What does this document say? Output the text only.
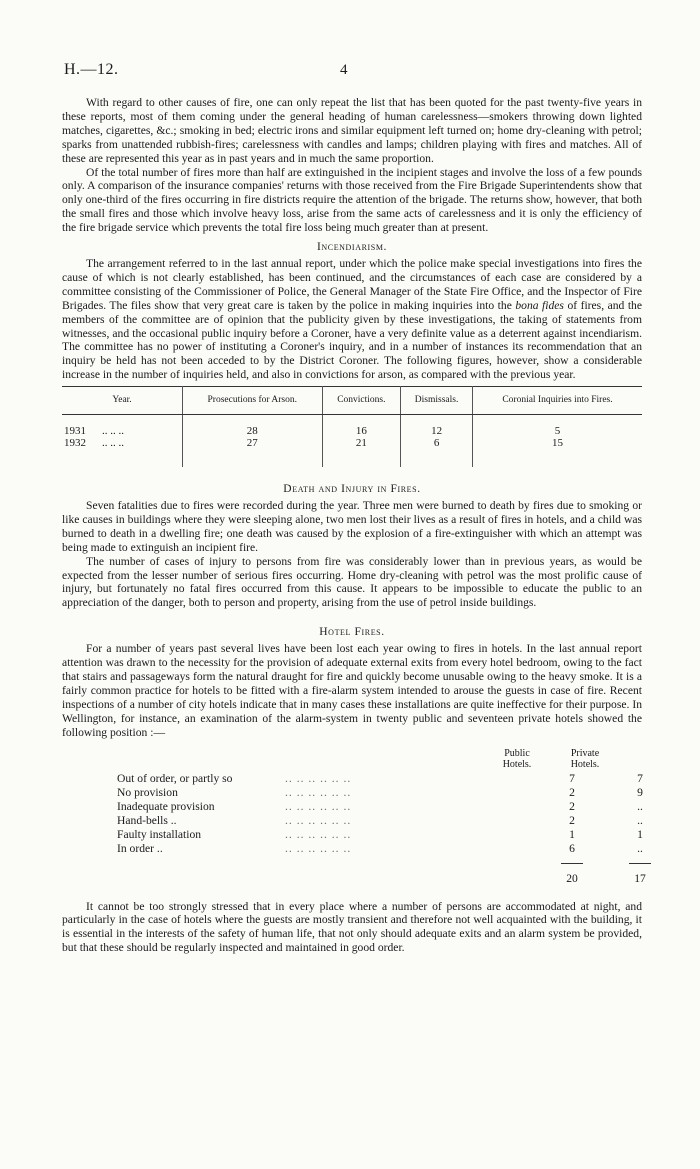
H.—12.	4

With regard to other causes of fire, one can only repeat the list that has been quoted for the past twenty-five years in these reports, most of them coming under the general heading of human carelessness—smokers throwing down lighted matches, cigarettes, &c.; smoking in bed; electric irons and similar equipment left turned on; home dry-cleaning with petrol; sparks from unattended rubbish-fires; carelessness with candles and lamps; children playing with fires and matches. All of these are represented this year as in past years and in much the same proportion.

Of the total number of fires more than half are extinguished in the incipient stages and involve the loss of a few pounds only. A comparison of the insurance companies' returns with those received from the Fire Brigade Superintendents show that only one-third of the fires occurring in fire districts require the attention of the brigade. The returns show, however, that both the small fires and those which involve heavy loss, arise from the same acts of carelessness and it is only the efficiency of the fire brigade service which prevents the total fire loss being much greater than at present.

Incendiarism.

The arrangement referred to in the last annual report, under which the police make special investigations into fires the cause of which is not clearly established, has been continued, and the circumstances of each case are considered by a committee consisting of the Commissioner of Police, the General Manager of the State Fire Office, and the Inspector of Fire Brigades. The files show that very great care is taken by the police in making inquiries into the bona fides of fires, and the members of the committee are of opinion that the publicity given by these investigations, the taking of statements from witnesses, and the occasional public inquiry before a Coroner, have a very definite value as a deterrent against incendiarism. The committee has no power of instituting a Coroner's inquiry, and in a number of instances its recommendation that an inquiry be held has not been acceded to by the District Coroner. The following figures, however, show a considerable increase in the number of inquiries held, and also in convictions for arson, as compared with the previous year.

Year.	Prosecutions for Arson.	Convictions.	Dismissals.	Coronial Inquiries into Fires.
1931 .. .. ..	28	16	12	5
1932 .. .. ..	27	21	6	15
Death and Injury in Fires.

Seven fatalities due to fires were recorded during the year. Three men were burned to death by fires due to smoking or like causes in buildings where they were sleeping alone, two men lost their lives as a result of fires in hotels, and a child was burned to death in a dwelling fire; one death was caused by the explosion of a fire-extinguisher with which an attempt was being made to extinguish an incipient fire.

The number of cases of injury to persons from fire was considerably lower than in previous years, as would be expected from the lesser number of serious fires occurring. Home dry-cleaning with petrol was the most prolific cause of injury, but fortunately no fatal fires occurred from this cause. It appears to be impossible to educate the public to an appreciation of the danger, both to person and property, arising from the use of petrol inside buildings.

Hotel Fires.

For a number of years past several lives have been lost each year owing to fires in hotels. In the last annual report attention was drawn to the necessity for the provision of adequate external exits from every hotel bedroom, owing to the fact that stairs and passageways form the natural draught for fire and quickly become unusable owing to the heavy smoke. It is a fairly common practice for hotels to be fitted with a fire-alarm system intended to arouse the guests in case of fire. Recent inspections of a number of city hotels indicate that in many cases these installations are quite ineffective for their purpose. In Wellington, for instance, an examination of the alarm-system in twenty public and seventeen private hotels showed the following position :—

Public Hotels.
Private Hotels.
Out of order, or partly so	.. .. .. .. .. ..	7	7
No provision	.. .. .. .. .. ..	2	9
Inadequate provision	.. .. .. .. .. ..	2	..
Hand-bells ..	.. .. .. .. .. ..	2	..
Faulty installation	.. .. .. .. .. ..	1	1
In order ..	.. .. .. .. .. ..	6	..
20	17

It cannot be too strongly stressed that in every place where a number of persons are accommodated at night, and particularly in the case of hotels where the guests are mostly transient and therefore not well acquainted with the building, it is essential in the interests of the safety of human life, that not only should adequate exits and an alarm system be provided, but that these should be regularly inspected and maintained in good order.
